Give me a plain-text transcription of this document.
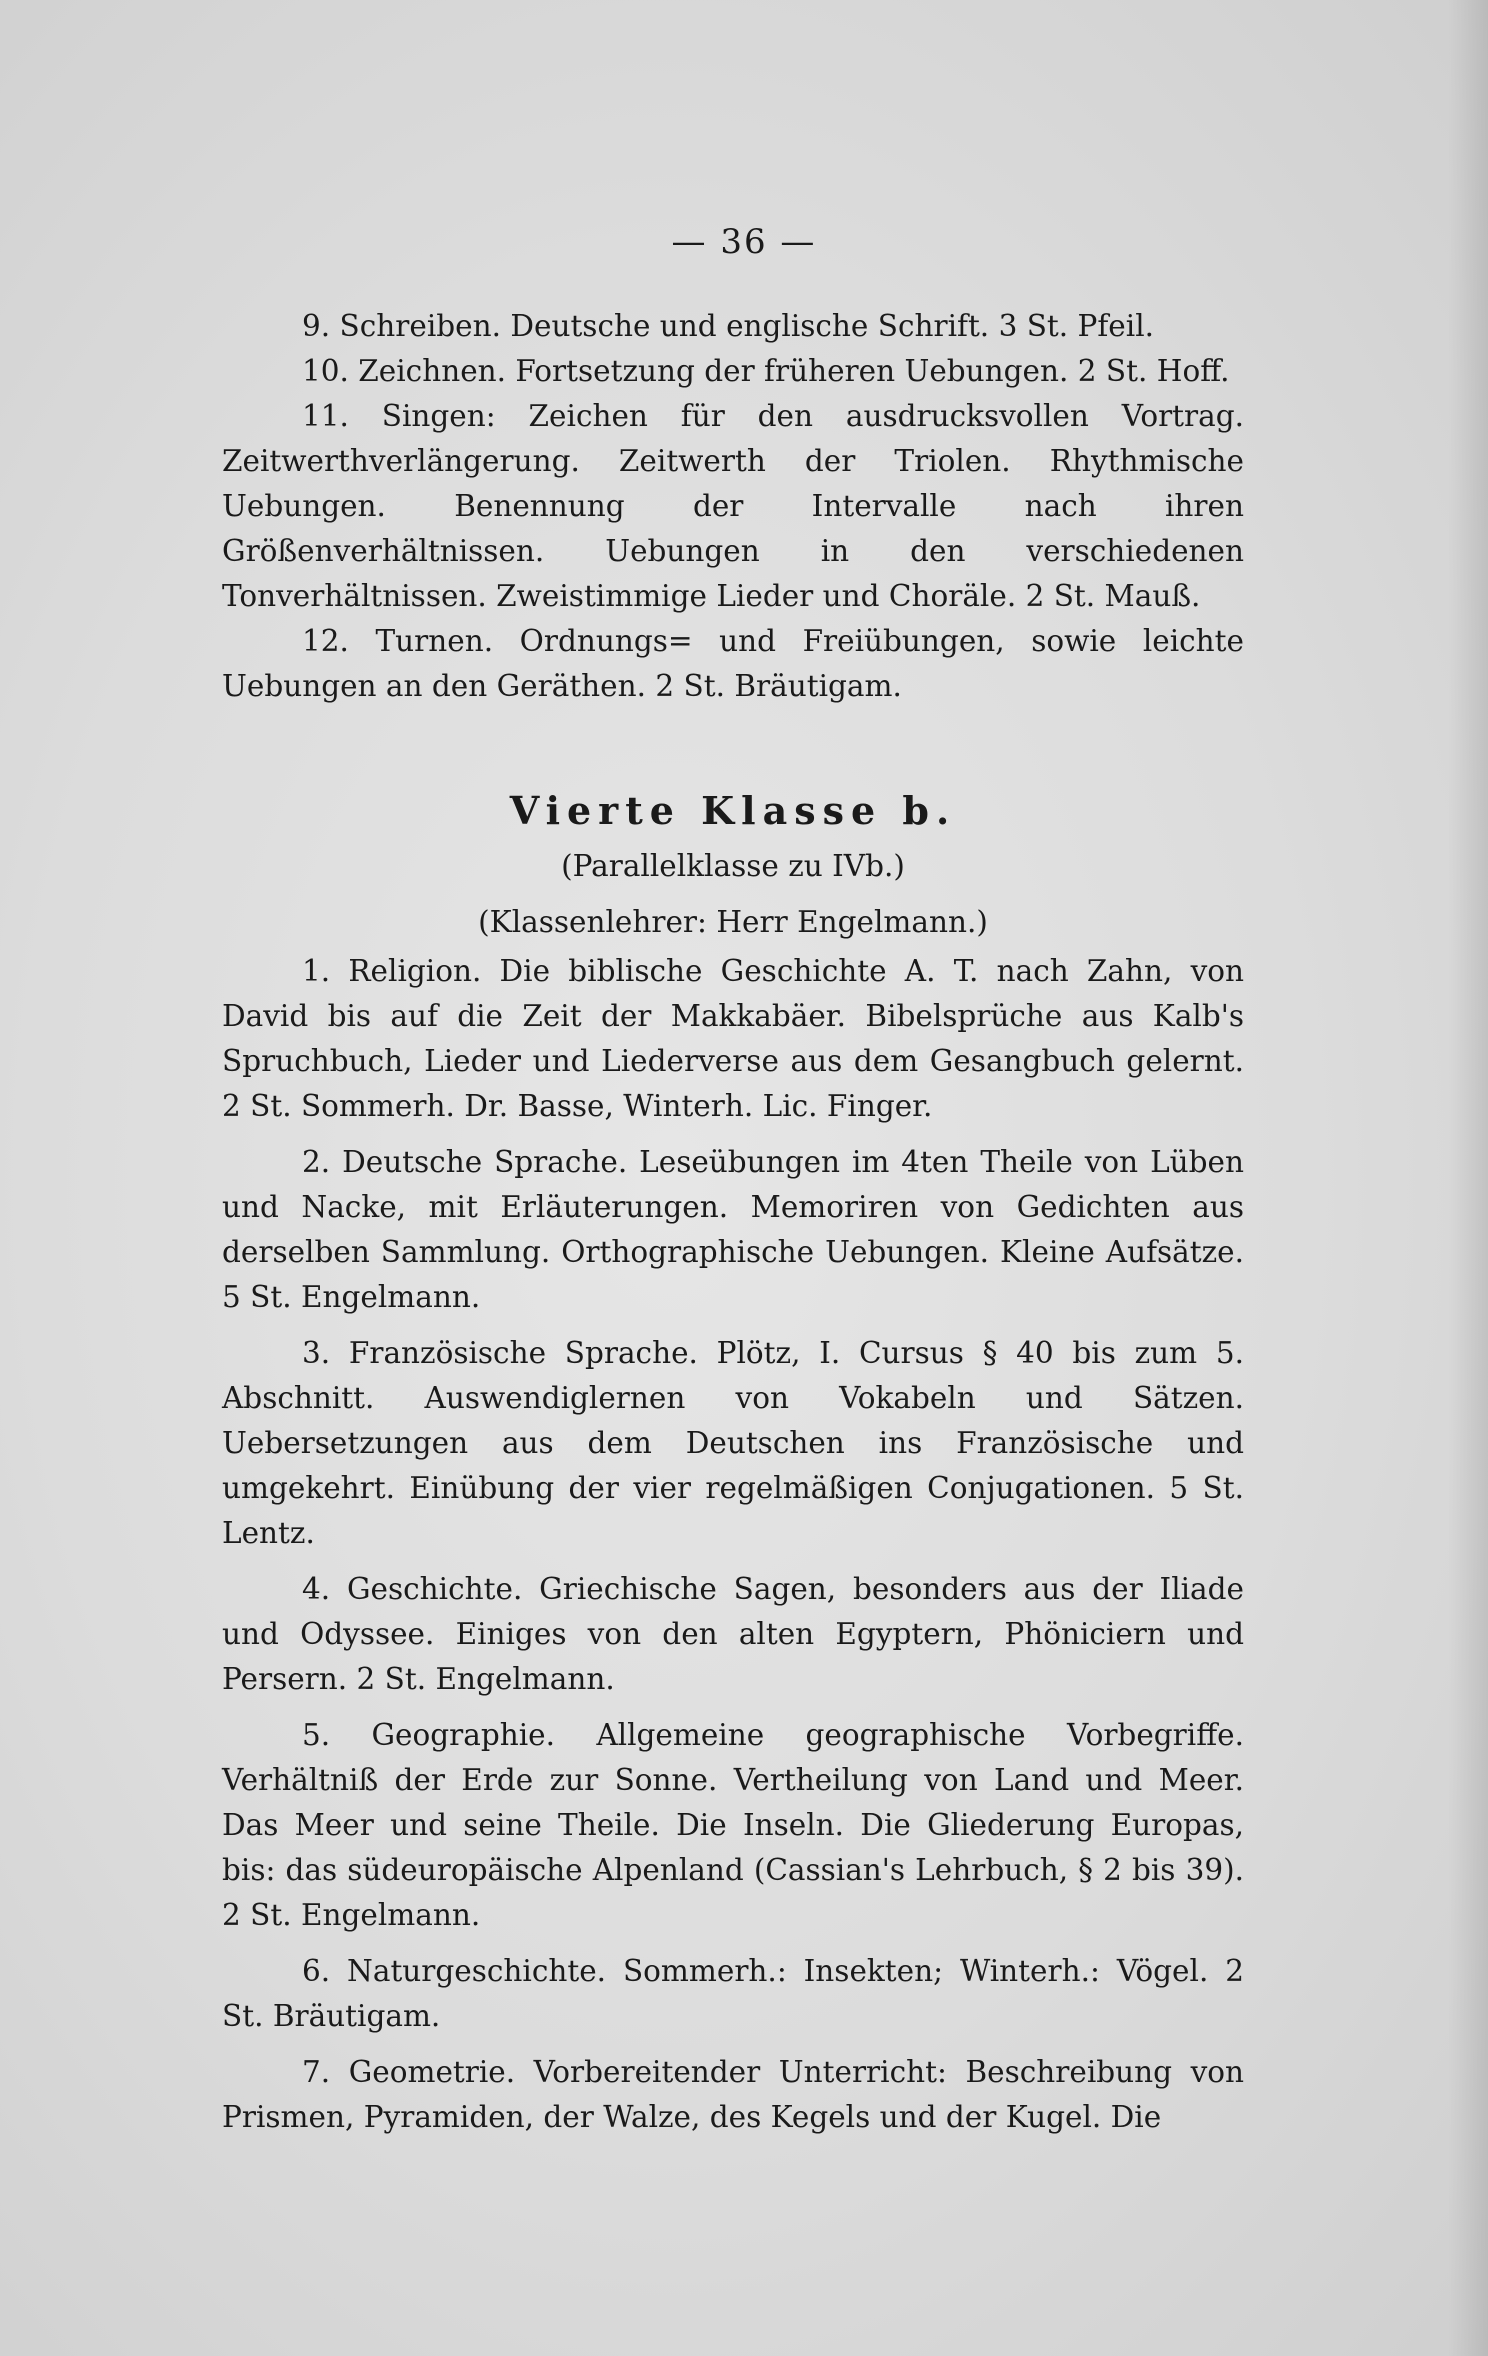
— 36 —

9. Schreiben. Deutsche und englische Schrift. 3 St. Pfeil.

10. Zeichnen. Fortsetzung der früheren Uebungen. 2 St. Hoff.

11. Singen: Zeichen für den ausdrucksvollen Vortrag. Zeitwerthverlängerung. Zeitwerth der Triolen. Rhythmische Uebungen. Benennung der Intervalle nach ihren Größenverhältnissen. Uebungen in den verschiedenen Tonverhältnissen. Zweistimmige Lieder und Choräle. 2 St. Mauß.

12. Turnen. Ordnungs= und Freiübungen, sowie leichte Uebungen an den Geräthen. 2 St. Bräutigam.

Vierte Klasse b.
(Parallelklasse zu IVb.)
(Klassenlehrer: Herr Engelmann.)

1. Religion. Die biblische Geschichte A. T. nach Zahn, von David bis auf die Zeit der Makkabäer. Bibelsprüche aus Kalb's Spruchbuch, Lieder und Liederverse aus dem Gesangbuch gelernt. 2 St. Sommerh. Dr. Basse, Winterh. Lic. Finger.

2. Deutsche Sprache. Leseübungen im 4ten Theile von Lüben und Nacke, mit Erläuterungen. Memoriren von Gedichten aus derselben Sammlung. Orthographische Uebungen. Kleine Aufsätze. 5 St. Engelmann.

3. Französische Sprache. Plötz, I. Cursus § 40 bis zum 5. Abschnitt. Auswendiglernen von Vokabeln und Sätzen. Uebersetzungen aus dem Deutschen ins Französische und umgekehrt. Einübung der vier regelmäßigen Conjugationen. 5 St. Lentz.

4. Geschichte. Griechische Sagen, besonders aus der Iliade und Odyssee. Einiges von den alten Egyptern, Phöniciern und Persern. 2 St. Engelmann.

5. Geographie. Allgemeine geographische Vorbegriffe. Verhältniß der Erde zur Sonne. Vertheilung von Land und Meer. Das Meer und seine Theile. Die Inseln. Die Gliederung Europas, bis: das südeuropäische Alpenland (Cassian's Lehrbuch, § 2 bis 39). 2 St. Engelmann.

6. Naturgeschichte. Sommerh.: Insekten; Winterh.: Vögel. 2 St. Bräutigam.

7. Geometrie. Vorbereitender Unterricht: Beschreibung von Prismen, Pyramiden, der Walze, des Kegels und der Kugel. Die
